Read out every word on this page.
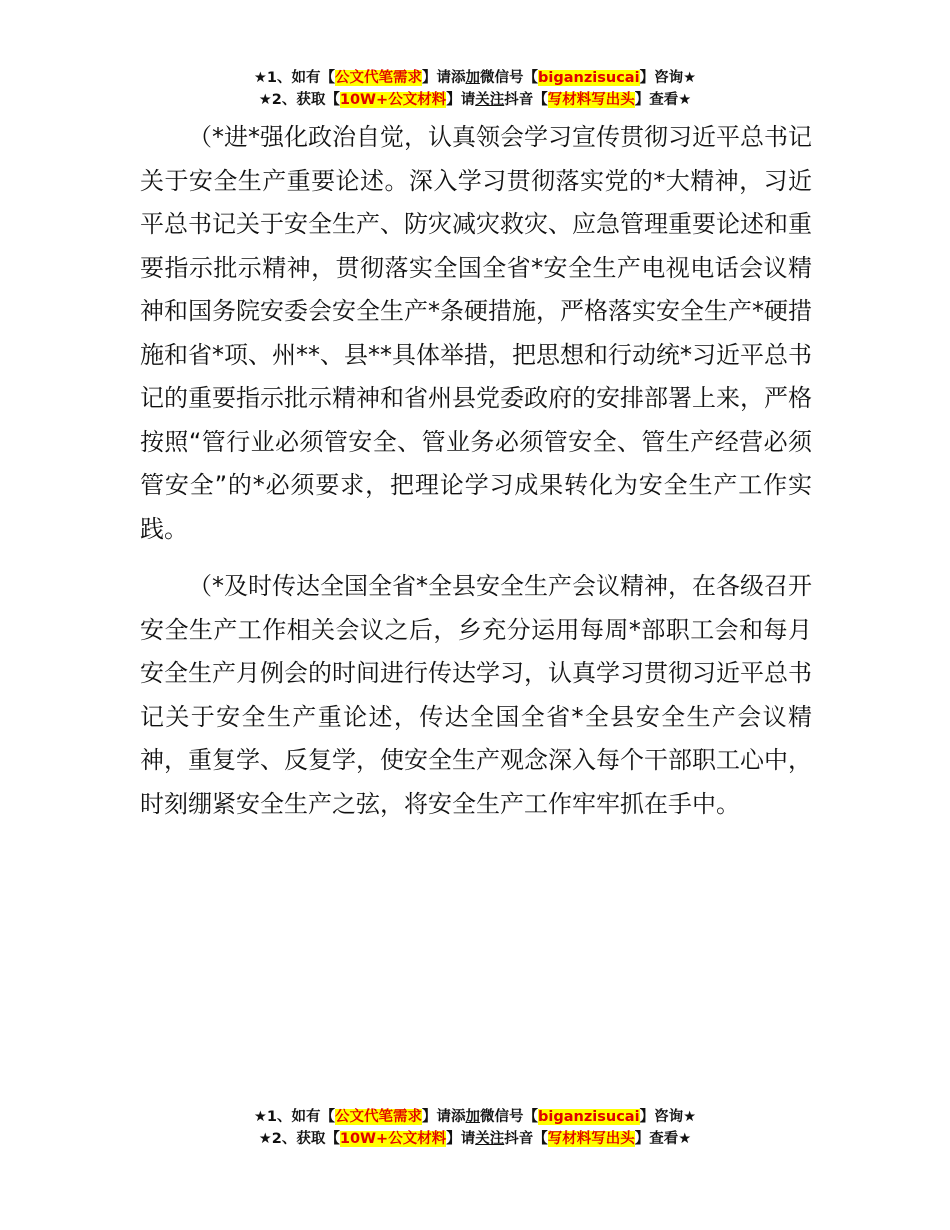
★1、如有【公文代笔需求】请添加微信号【biganzisucai】咨询★
★2、获取【10W+公文材料】请关注抖音【写材料写出头】查看★

（*进*强化政治自觉，认真领会学习宣传贯彻习近平总书记关于安全生产重要论述。深入学习贯彻落实党的*大精神，习近平总书记关于安全生产、防灾减灾救灾、应急管理重要论述和重要指示批示精神，贯彻落实全国全省*安全生产电视电话会议精神和国务院安委会安全生产*条硬措施，严格落实安全生产*硬措施和省*项、州**、县**具体举措，把思想和行动统*习近平总书记的重要指示批示精神和省州县党委政府的安排部署上来，严格按照“管行业必须管安全、管业务必须管安全、管生产经营必须管安全”的*必须要求，把理论学习成果转化为安全生产工作实践。

（*及时传达全国全省*全县安全生产会议精神，在各级召开安全生产工作相关会议之后，乡充分运用每周*部职工会和每月安全生产月例会的时间进行传达学习，认真学习贯彻习近平总书记关于安全生产重论述，传达全国全省*全县安全生产会议精神，重复学、反复学，使安全生产观念深入每个干部职工心中，时刻绷紧安全生产之弦，将安全生产工作牢牢抓在手中。

★1、如有【公文代笔需求】请添加微信号【biganzisucai】咨询★
★2、获取【10W+公文材料】请关注抖音【写材料写出头】查看★
